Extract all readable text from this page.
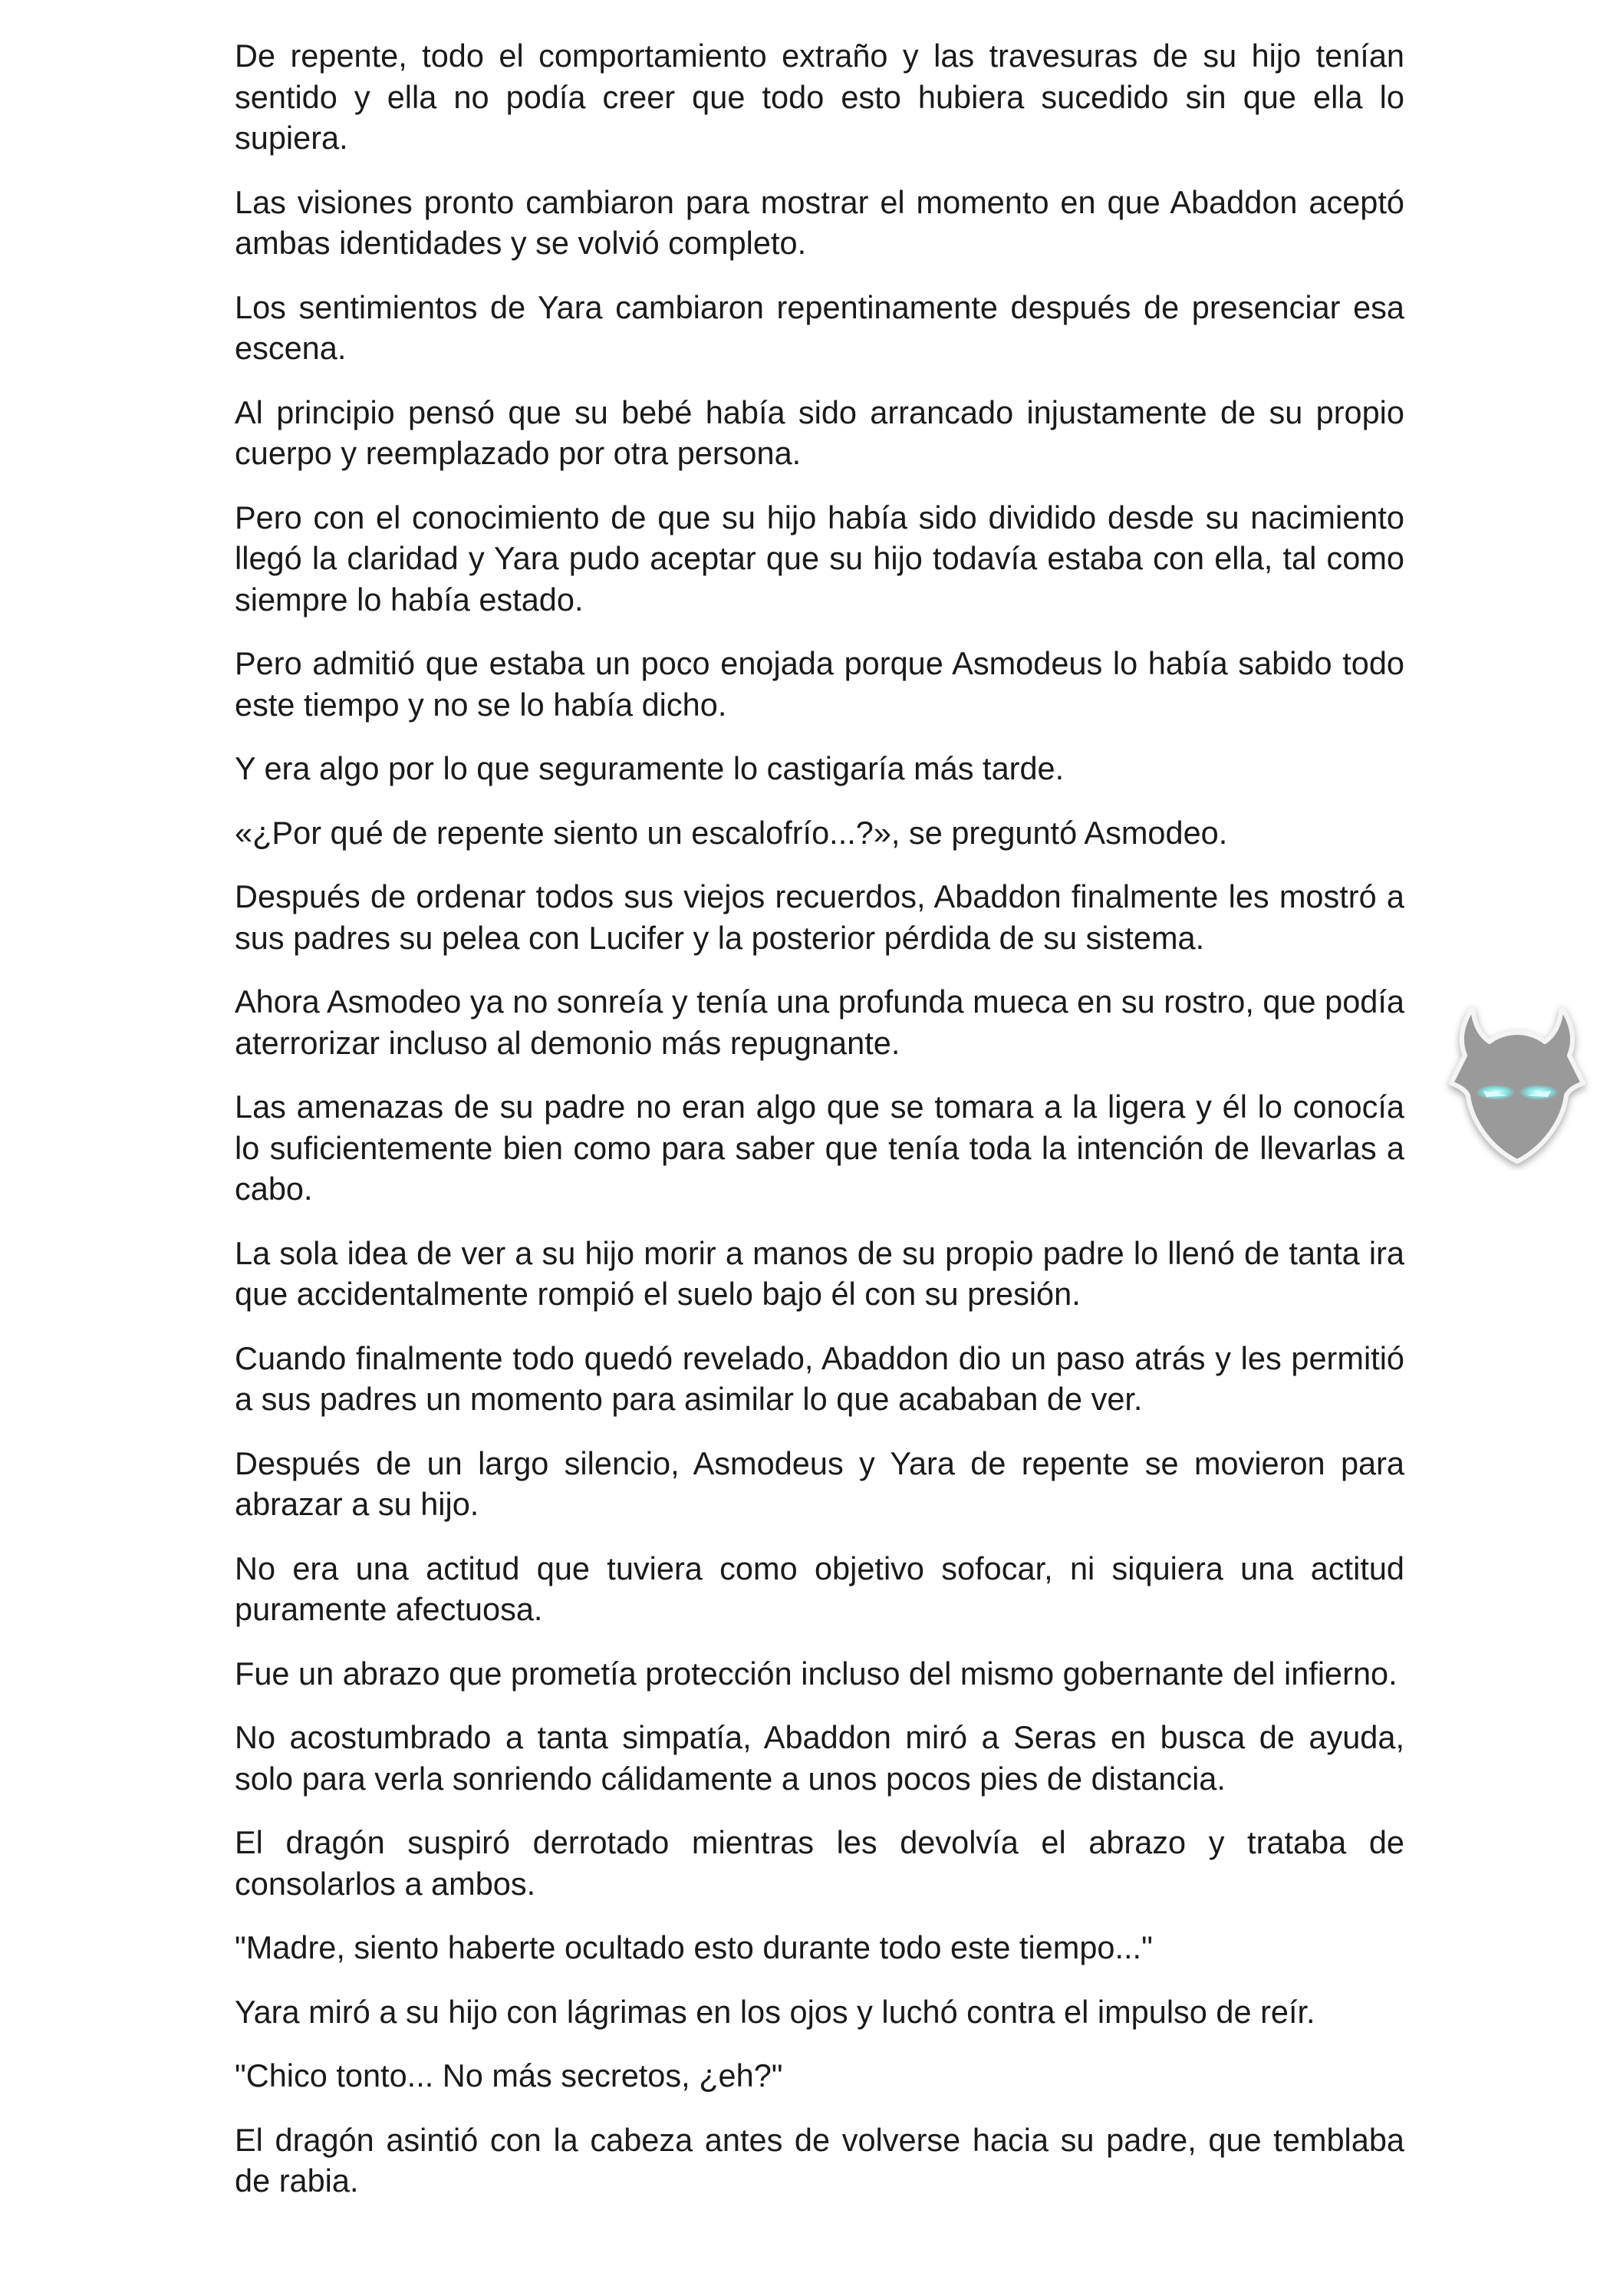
De repente, todo el comportamiento extraño y las travesuras de su hijo tenían sentido y ella no podía creer que todo esto hubiera sucedido sin que ella lo supiera.

Las visiones pronto cambiaron para mostrar el momento en que Abaddon aceptó ambas identidades y se volvió completo.

Los sentimientos de Yara cambiaron repentinamente después de presenciar esa escena.

Al principio pensó que su bebé había sido arrancado injustamente de su propio cuerpo y reemplazado por otra persona.

Pero con el conocimiento de que su hijo había sido dividido desde su nacimiento llegó la claridad y Yara pudo aceptar que su hijo todavía estaba con ella, tal como siempre lo había estado.

Pero admitió que estaba un poco enojada porque Asmodeus lo había sabido todo este tiempo y no se lo había dicho.

Y era algo por lo que seguramente lo castigaría más tarde.

«¿Por qué de repente siento un escalofrío...?», se preguntó Asmodeo.

Después de ordenar todos sus viejos recuerdos, Abaddon finalmente les mostró a sus padres su pelea con Lucifer y la posterior pérdida de su sistema.

Ahora Asmodeo ya no sonreía y tenía una profunda mueca en su rostro, que podía aterrorizar incluso al demonio más repugnante.

Las amenazas de su padre no eran algo que se tomara a la ligera y él lo conocía lo suficientemente bien como para saber que tenía toda la intención de llevarlas a cabo.

La sola idea de ver a su hijo morir a manos de su propio padre lo llenó de tanta ira que accidentalmente rompió el suelo bajo él con su presión.

Cuando finalmente todo quedó revelado, Abaddon dio un paso atrás y les permitió a sus padres un momento para asimilar lo que acababan de ver.

Después de un largo silencio, Asmodeus y Yara de repente se movieron para abrazar a su hijo.

No era una actitud que tuviera como objetivo sofocar, ni siquiera una actitud puramente afectuosa.

Fue un abrazo que prometía protección incluso del mismo gobernante del infierno.

No acostumbrado a tanta simpatía, Abaddon miró a Seras en busca de ayuda, solo para verla sonriendo cálidamente a unos pocos pies de distancia.

El dragón suspiró derrotado mientras les devolvía el abrazo y trataba de consolarlos a ambos.

"Madre, siento haberte ocultado esto durante todo este tiempo..."

Yara miró a su hijo con lágrimas en los ojos y luchó contra el impulso de reír.

"Chico tonto... No más secretos, ¿eh?"

El dragón asintió con la cabeza antes de volverse hacia su padre, que temblaba de rabia.
